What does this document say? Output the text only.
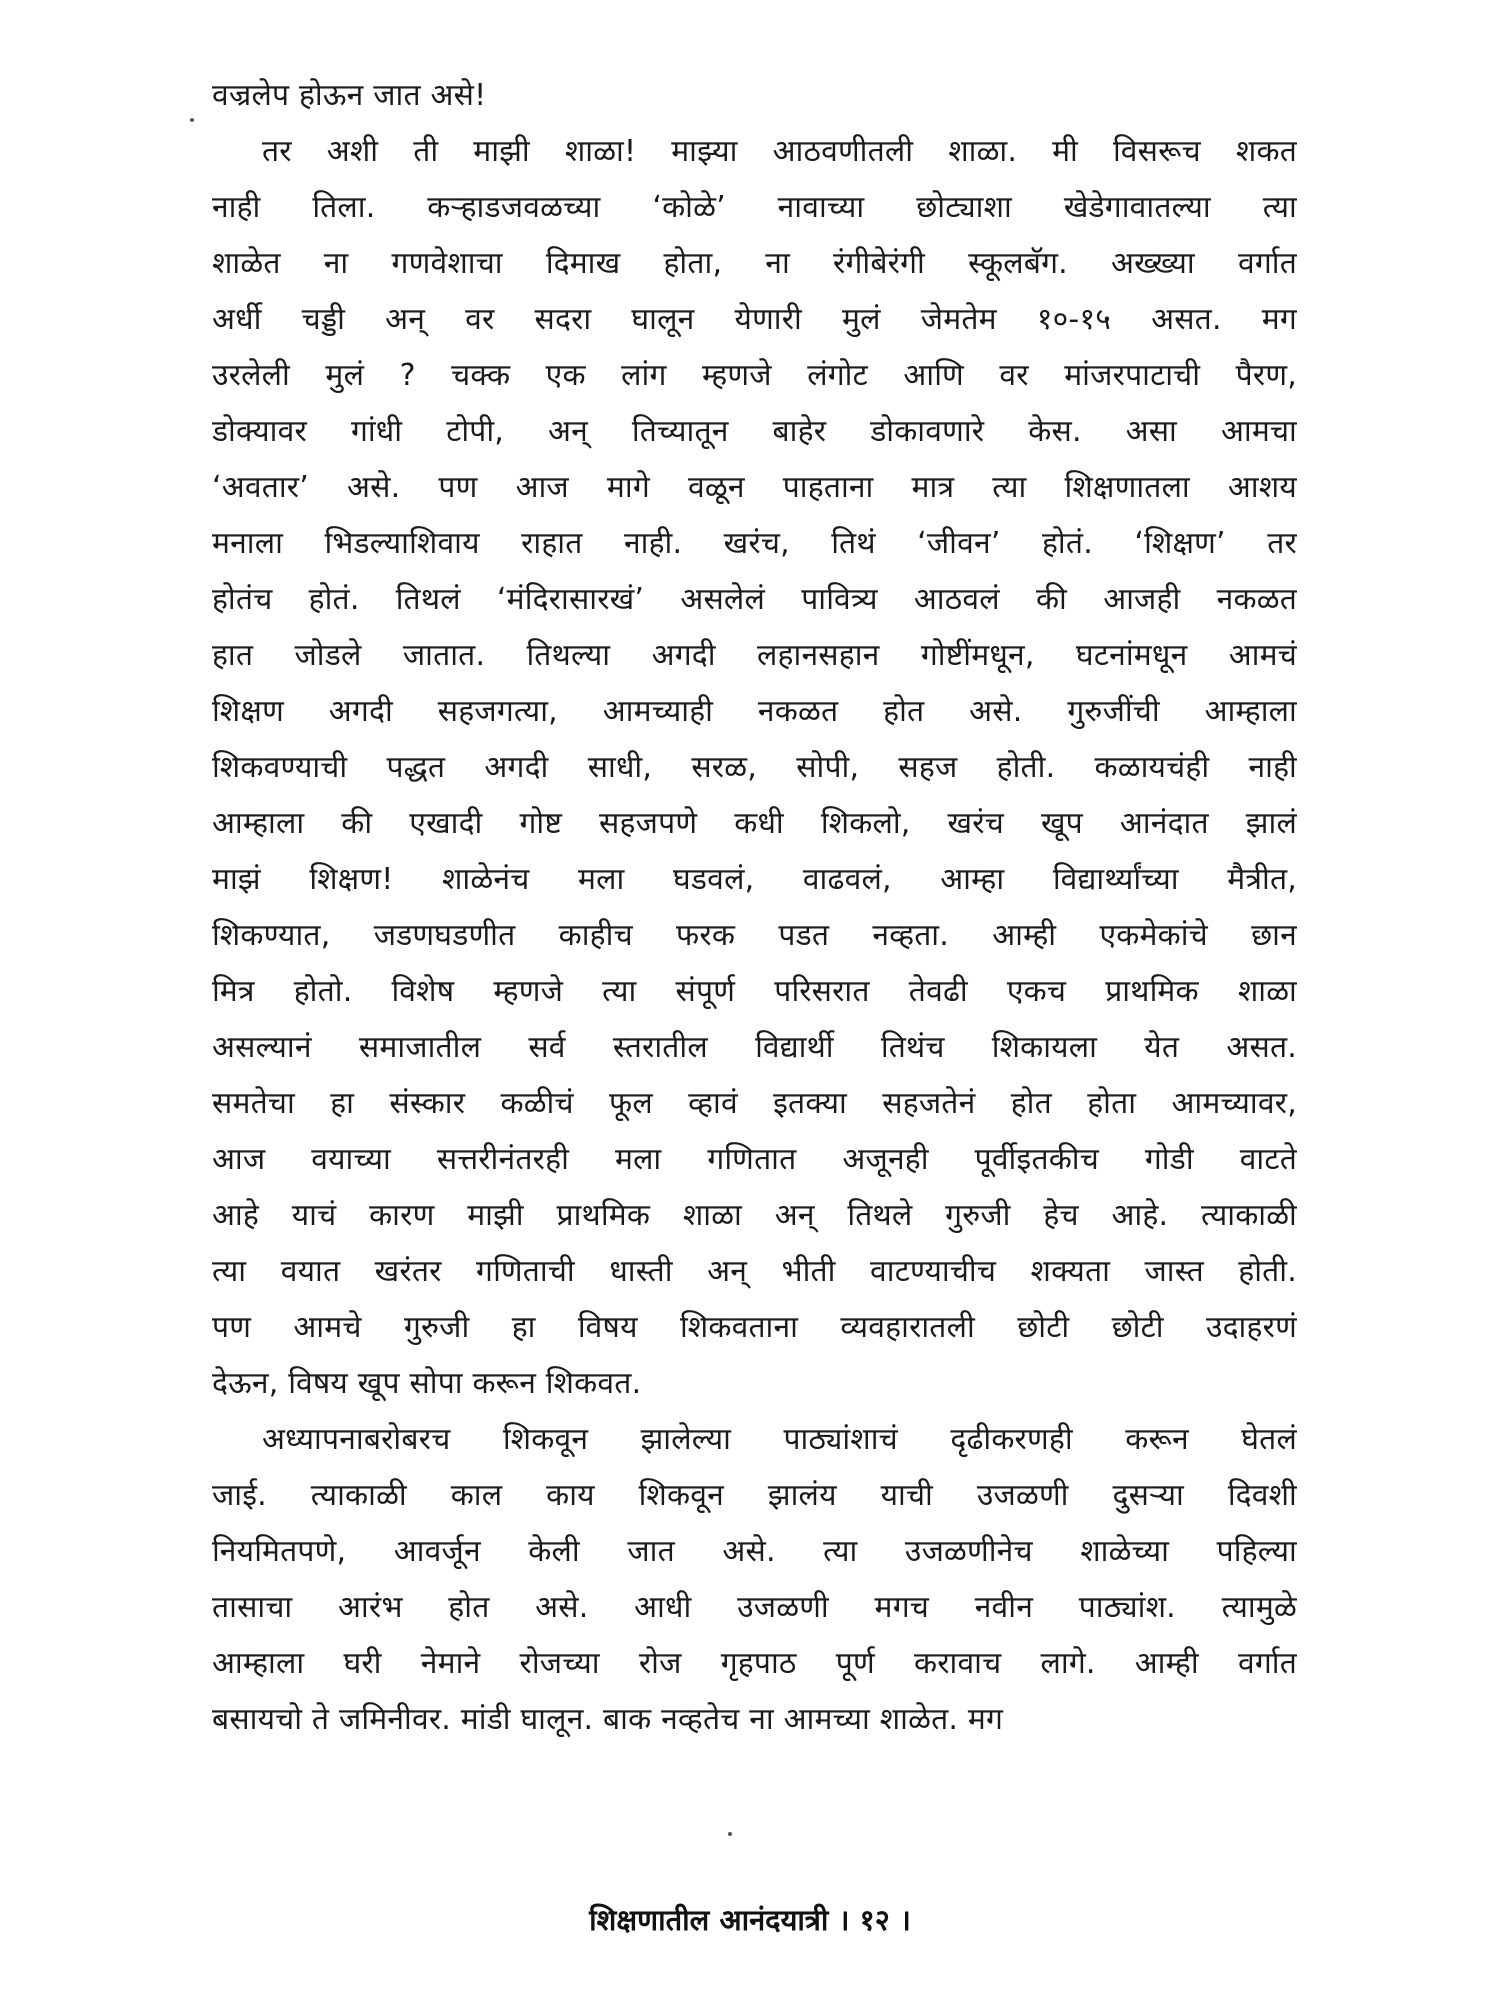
वज्रलेप होऊन जात असे!
तर अशी ती माझी शाळा! माझ्या आठवणीतली शाळा. मी विसरूच शकत
नाही तिला. कऱ्हाडजवळच्या ‘कोळे’ नावाच्या छोट्याशा खेडेगावातल्या त्या
शाळेत ना गणवेशाचा दिमाख होता, ना रंगीबेरंगी स्कूलबॅग. अख्ख्या वर्गात
अर्धी चड्डी अन् वर सदरा घालून येणारी मुलं जेमतेम १०-१५ असत. मग
उरलेली मुलं ? चक्क एक लांग म्हणजे लंगोट आणि वर मांजरपाटाची पैरण,
डोक्यावर गांधी टोपी, अन् तिच्यातून बाहेर डोकावणारे केस. असा आमचा
‘अवतार’ असे. पण आज मागे वळून पाहताना मात्र त्या शिक्षणातला आशय
मनाला भिडल्याशिवाय राहात नाही. खरंच, तिथं ‘जीवन’ होतं. ‘शिक्षण’ तर
होतंच होतं. तिथलं ‘मंदिरासारखं’ असलेलं पावित्र्य आठवलं की आजही नकळत
हात जोडले जातात. तिथल्या अगदी लहानसहान गोष्टींमधून, घटनांमधून आमचं
शिक्षण अगदी सहजगत्या, आमच्याही नकळत होत असे. गुरुजींची आम्हाला
शिकवण्याची पद्धत अगदी साधी, सरळ, सोपी, सहज होती. कळायचंही नाही
आम्हाला की एखादी गोष्ट सहजपणे कधी शिकलो, खरंच खूप आनंदात झालं
माझं शिक्षण! शाळेनंच मला घडवलं, वाढवलं, आम्हा विद्यार्थ्यांच्या मैत्रीत,
शिकण्यात, जडणघडणीत काहीच फरक पडत नव्हता. आम्ही एकमेकांचे छान
मित्र होतो. विशेष म्हणजे त्या संपूर्ण परिसरात तेवढी एकच प्राथमिक शाळा
असल्यानं समाजातील सर्व स्तरातील विद्यार्थी तिथंच शिकायला येत असत.
समतेचा हा संस्कार कळीचं फूल व्हावं इतक्या सहजतेनं होत होता आमच्यावर,
आज वयाच्या सत्तरीनंतरही मला गणितात अजूनही पूर्वीइतकीच गोडी वाटते
आहे याचं कारण माझी प्राथमिक शाळा अन् तिथले गुरुजी हेच आहे. त्याकाळी
त्या वयात खरंतर गणिताची धास्ती अन् भीती वाटण्याचीच शक्यता जास्त होती.
पण आमचे गुरुजी हा विषय शिकवताना व्यवहारातली छोटी छोटी उदाहरणं
देऊन, विषय खूप सोपा करून शिकवत.
अध्यापनाबरोबरच शिकवून झालेल्या पाठ्यांशाचं दृढीकरणही करून घेतलं
जाई. त्याकाळी काल काय शिकवून झालंय याची उजळणी दुसऱ्या दिवशी
नियमितपणे, आवर्जून केली जात असे. त्या उजळणीनेच शाळेच्या पहिल्या
तासाचा आरंभ होत असे. आधी उजळणी मगच नवीन पाठ्यांश. त्यामुळे
आम्हाला घरी नेमाने रोजच्या रोज गृहपाठ पूर्ण करावाच लागे. आम्ही वर्गात
बसायचो ते जमिनीवर. मांडी घालून. बाक नव्हतेच ना आमच्या शाळेत. मग
शिक्षणातील आनंदयात्री । १२ ।
